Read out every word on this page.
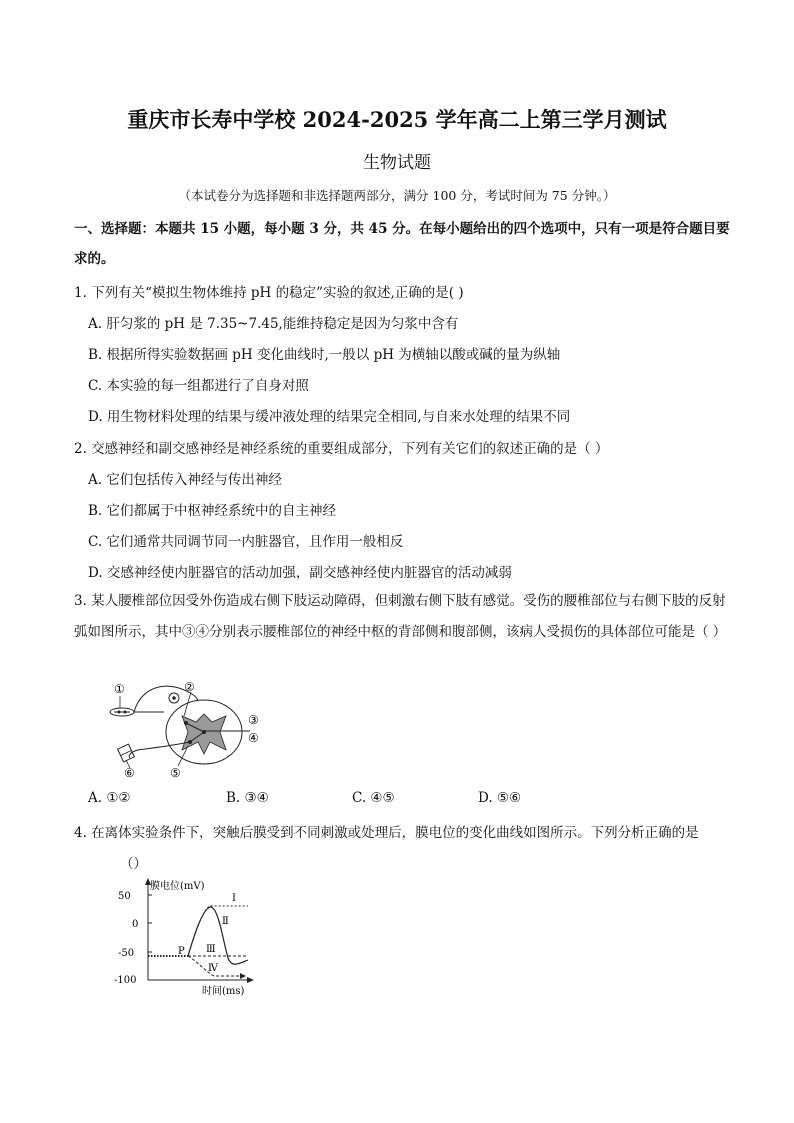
重庆市长寿中学校 2024-2025 学年高二上第三学月测试
生物试题
（本试卷分为选择题和非选择题两部分，满分 100 分，考试时间为 75 分钟。）
一、选择题：本题共 15 小题，每小题 3 分，共 45 分。在每小题给出的四个选项中，只有一项是符合题目要求的。
1. 下列有关“模拟生物体维持 pH 的稳定”实验的叙述,正确的是( )
A. 肝匀浆的 pH 是 7.35~7.45,能维持稳定是因为匀浆中含有
B. 根据所得实验数据画 pH 变化曲线时,一般以 pH 为横轴以酸或碱的量为纵轴
C. 本实验的每一组都进行了自身对照
D. 用生物材料处理的结果与缓冲液处理的结果完全相同,与自来水处理的结果不同
2. 交感神经和副交感神经是神经系统的重要组成部分，下列有关它们的叙述正确的是（ ）
A. 它们包括传入神经与传出神经
B. 它们都属于中枢神经系统中的自主神经
C. 它们通常共同调节同一内脏器官，且作用一般相反
D. 交感神经使内脏器官的活动加强，副交感神经使内脏器官的活动减弱
3. 某人腰椎部位因受外伤造成右侧下肢运动障碍，但刺激右侧下肢有感觉。受伤的腰椎部位与右侧下肢的反射弧如图所示，其中③④分别表示腰椎部位的神经中枢的背部侧和腹部侧，该病人受损伤的具体部位可能是（ ）
①	②
③
④
⑤
⑥
A. ①②	B. ③④	C. ④⑤	D. ⑤⑥
4. 在离体实验条件下，突触后膜受到不同刺激或处理后，膜电位的变化曲线如图所示。下列分析正确的是
（）
50
0
-50
-100
膜电位(mV)
时间(ms)
P
Ⅰ
Ⅱ
Ⅲ
Ⅳ
